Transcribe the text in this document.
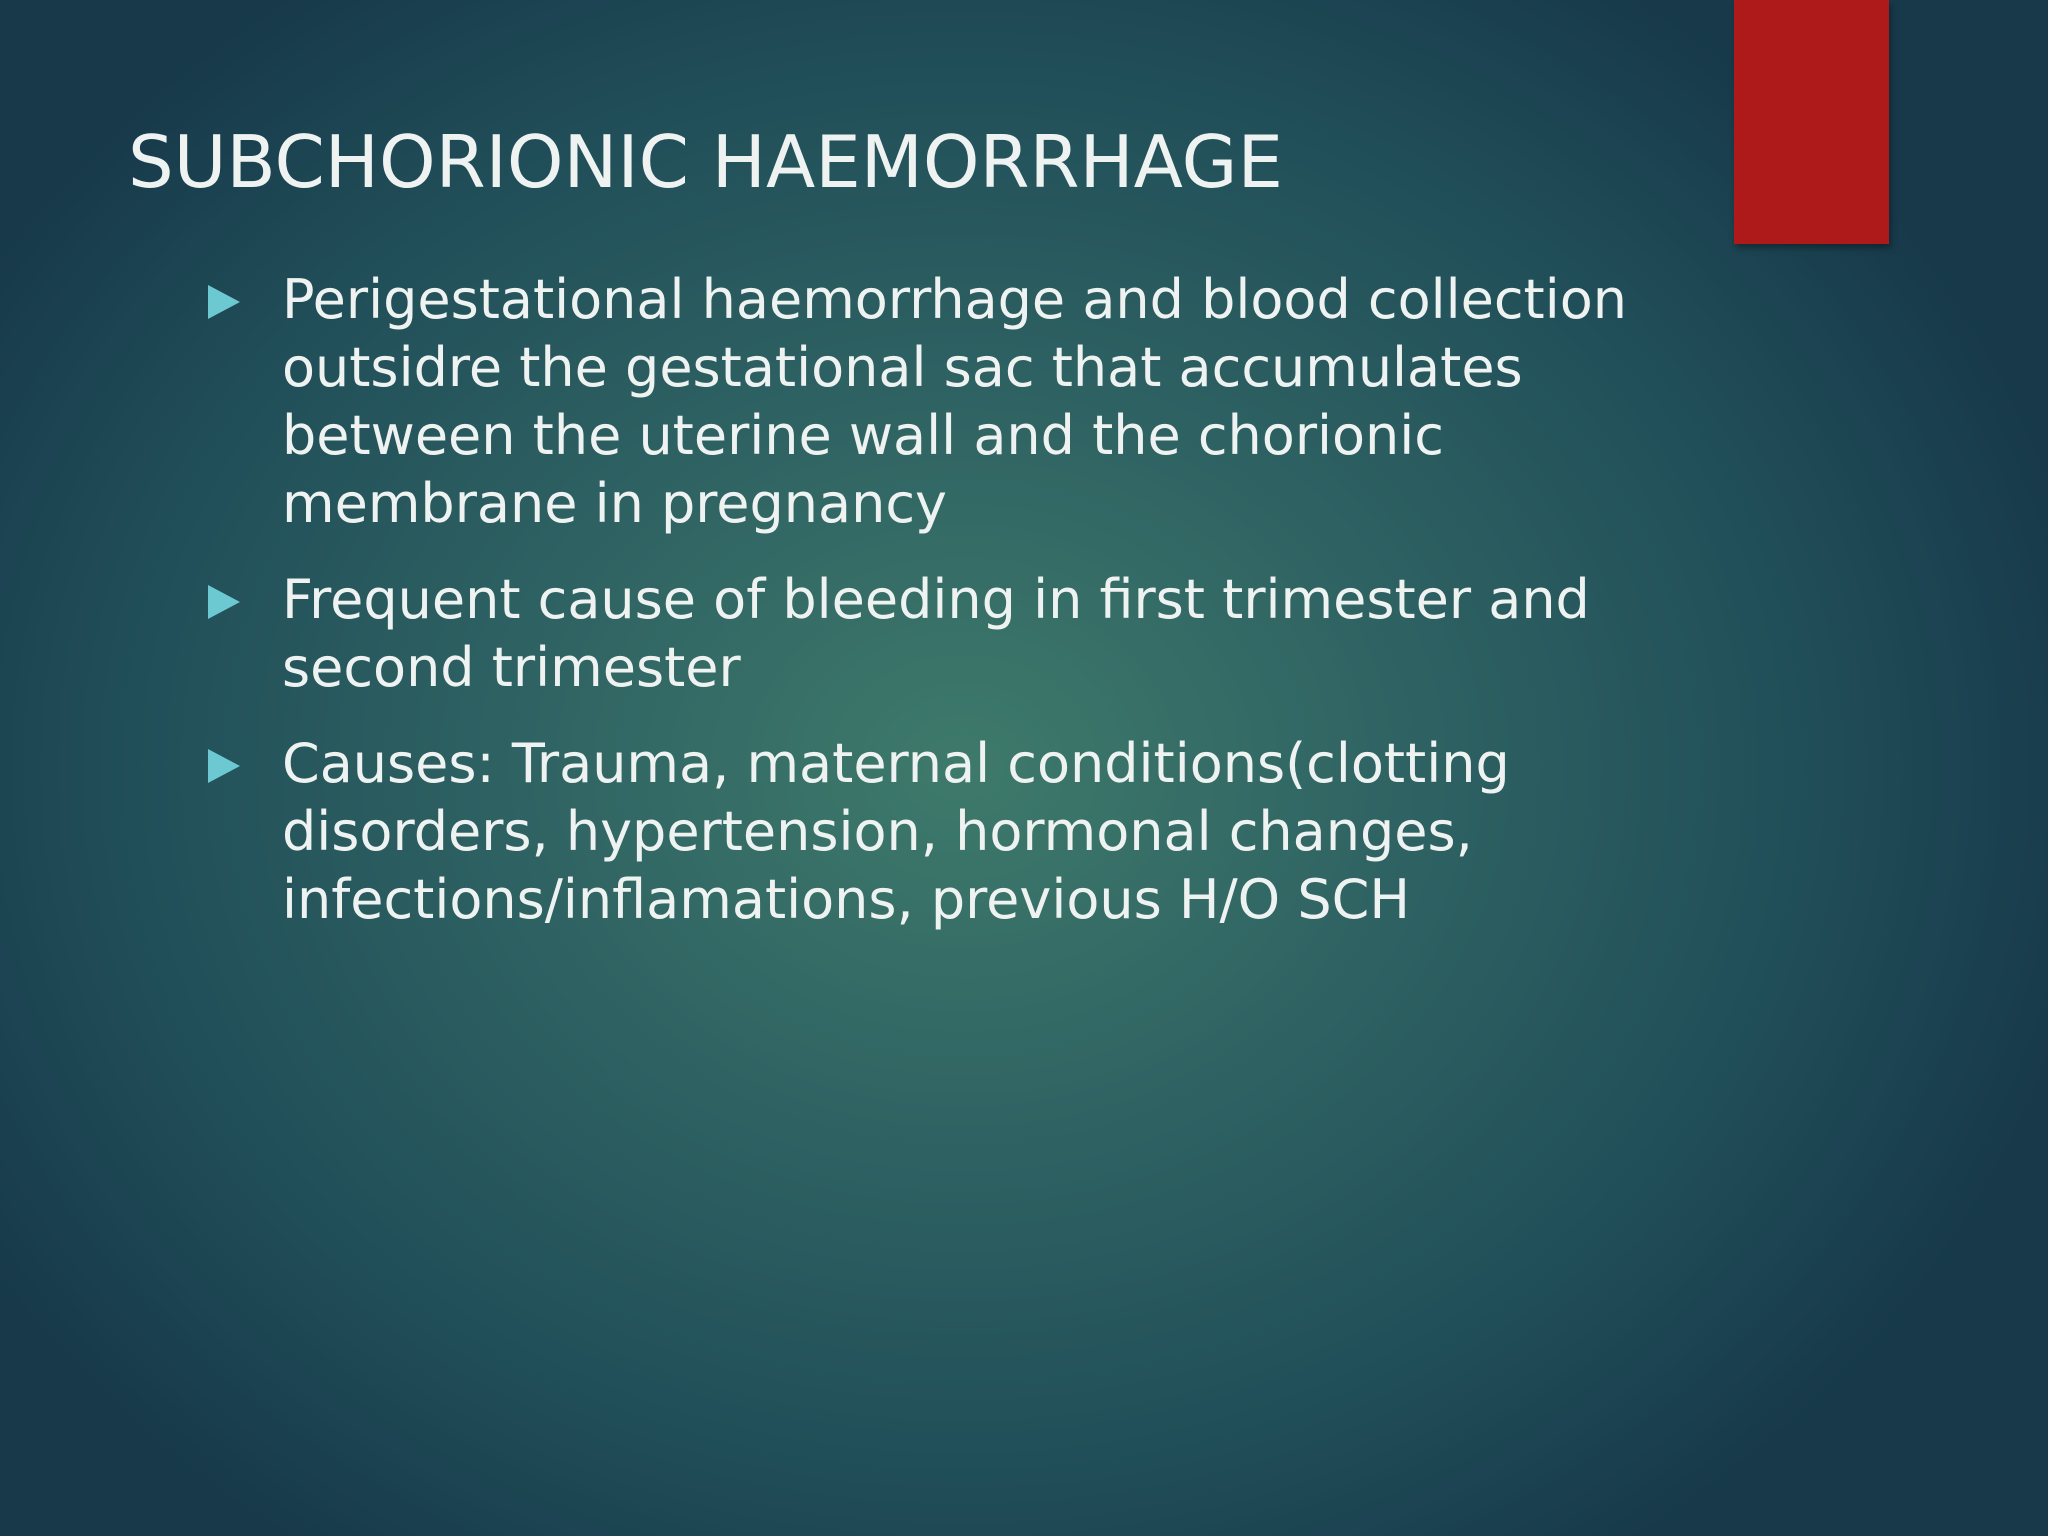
SUBCHORIONIC HAEMORRHAGE
Perigestational haemorrhage and blood collection outsidre the gestational sac that accumulates between the uterine wall and the chorionic membrane in pregnancy
Frequent cause of bleeding in first trimester and second trimester
Causes: Trauma, maternal conditions(clotting disorders, hypertension, hormonal changes, infections/inflamations, previous H/O SCH
